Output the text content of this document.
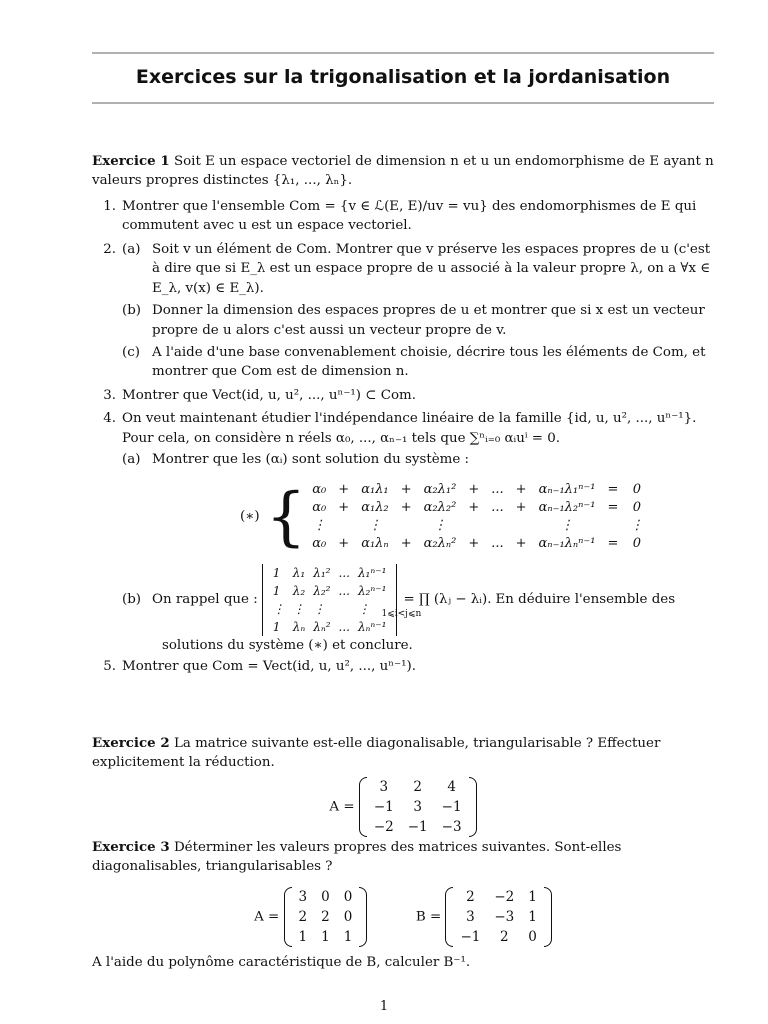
Exercices sur la trigonalisation et la jordanisation
Exercice 1 Soit E un espace vectoriel de dimension n et u un endomorphisme de E ayant n valeurs propres distinctes {λ₁, ..., λₙ}.
1. Montrer que l'ensemble Com = {v ∈ ℒ(E, E)/uv = vu} des endomorphismes de E qui commutent avec u est un espace vectoriel.
2. (a) Soit v un élément de Com. Montrer que v préserve les espaces propres de u (c'est à dire que si E_λ est un espace propre de u associé à la valeur propre λ, on a ∀x ∈ E_λ, v(x) ∈ E_λ).
(b) Donner la dimension des espaces propres de u et montrer que si x est un vecteur propre de u alors c'est aussi un vecteur propre de v.
(c) A l'aide d'une base convenablement choisie, décrire tous les éléments de Com, et montrer que Com est de dimension n.
3. Montrer que Vect(id, u, u², ..., uⁿ⁻¹) ⊂ Com.
4. On veut maintenant étudier l'indépendance linéaire de la famille {id, u, u², ..., uⁿ⁻¹}. Pour cela, on considère n réels α₀, ..., αₙ₋₁ tels que ∑ⁿᵢ₌₀ αᵢuⁱ = 0.
(a) Montrer que les (αᵢ) sont solution du système :
(∗) { α₀	+	α₁λ₁	+	α₂λ₁²	+	...	+	αₙ₋₁λ₁ⁿ⁻¹	=	0
α₀	+	α₁λ₂	+	α₂λ₂²	+	...	+	αₙ₋₁λ₂ⁿ⁻¹	=	0
⋮		⋮		⋮				⋮		⋮
α₀	+	α₁λₙ	+	α₂λₙ²	+	...	+	αₙ₋₁λₙⁿ⁻¹	=	0
(b) On rappel que :
1	λ₁	λ₁²	...	λ₁ⁿ⁻¹
1	λ₂	λ₂²	...	λ₂ⁿ⁻¹
⋮	⋮	⋮		⋮
1	λₙ	λₙ²	...	λₙⁿ⁻¹
= ∏ (λⱼ − λᵢ).
1⩽i<j⩽n
En déduire l'ensemble des
solutions du système (∗) et conclure.
5. Montrer que Com = Vect(id, u, u², ..., uⁿ⁻¹).
Exercice 2 La matrice suivante est-elle diagonalisable, triangularisable ? Effectuer explicitement la réduction.
A =
3	2	4
−1	3	−1
−2	−1	−3
Exercice 3 Déterminer les valeurs propres des matrices suivantes. Sont-elles diagonalisables, triangularisables ?
A =
3	0	0
2	2	0
1	1	1
B =
2	−2	1
3	−3	1
−1	2	0
A l'aide du polynôme caractéristique de B, calculer B⁻¹.
1
